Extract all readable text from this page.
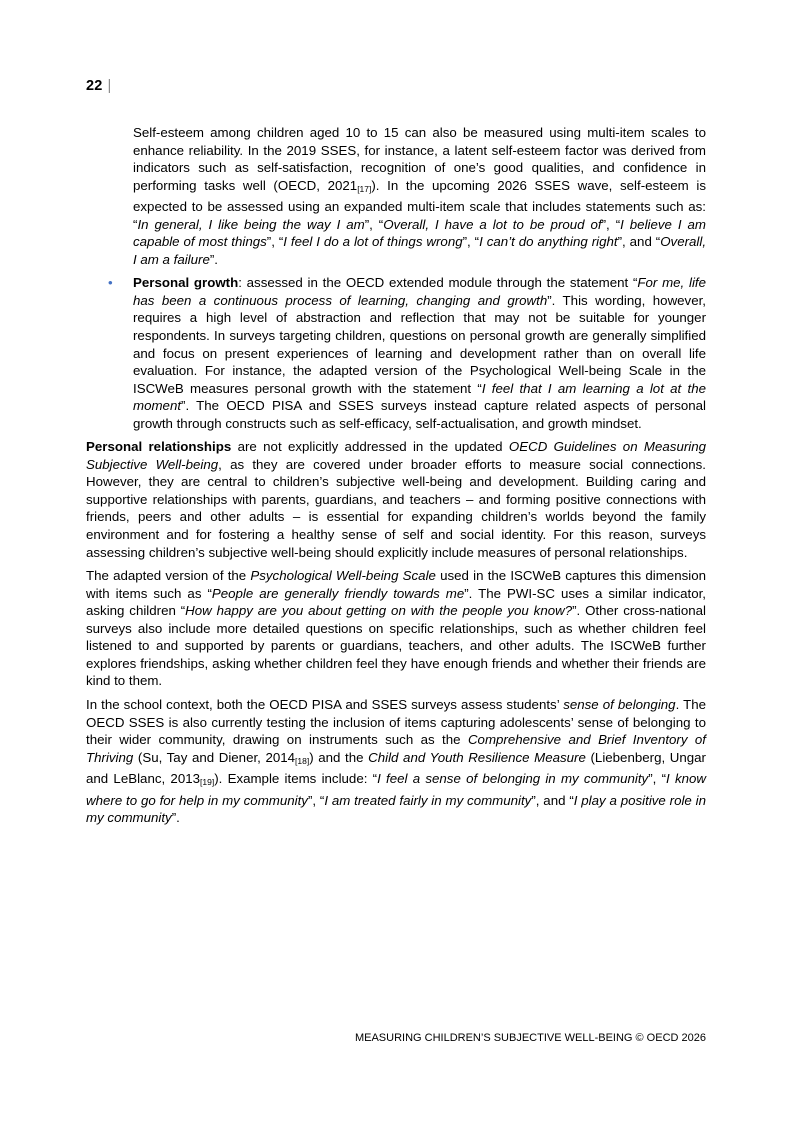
22 |

Self-esteem among children aged 10 to 15 can also be measured using multi-item scales to enhance reliability. In the 2019 SSES, for instance, a latent self-esteem factor was derived from indicators such as self-satisfaction, recognition of one’s good qualities, and confidence in performing tasks well (OECD, 2021[17]). In the upcoming 2026 SSES wave, self-esteem is expected to be assessed using an expanded multi-item scale that includes statements such as: “In general, I like being the way I am”, “Overall, I have a lot to be proud of”, “I believe I am capable of most things”, “I feel I do a lot of things wrong”, “I can’t do anything right”, and “Overall, I am a failure”.

• Personal growth: assessed in the OECD extended module through the statement “For me, life has been a continuous process of learning, changing and growth”. This wording, however, requires a high level of abstraction and reflection that may not be suitable for younger respondents. In surveys targeting children, questions on personal growth are generally simplified and focus on present experiences of learning and development rather than on overall life evaluation. For instance, the adapted version of the Psychological Well-being Scale in the ISCWeB measures personal growth with the statement “I feel that I am learning a lot at the moment”. The OECD PISA and SSES surveys instead capture related aspects of personal growth through constructs such as self-efficacy, self-actualisation, and growth mindset.

Personal relationships are not explicitly addressed in the updated OECD Guidelines on Measuring Subjective Well-being, as they are covered under broader efforts to measure social connections. However, they are central to children’s subjective well-being and development. Building caring and supportive relationships with parents, guardians, and teachers – and forming positive connections with friends, peers and other adults – is essential for expanding children’s worlds beyond the family environment and for fostering a healthy sense of self and social identity. For this reason, surveys assessing children’s subjective well-being should explicitly include measures of personal relationships.

The adapted version of the Psychological Well-being Scale used in the ISCWeB captures this dimension with items such as “People are generally friendly towards me”. The PWI-SC uses a similar indicator, asking children “How happy are you about getting on with the people you know?”. Other cross-national surveys also include more detailed questions on specific relationships, such as whether children feel listened to and supported by parents or guardians, teachers, and other adults. The ISCWeB further explores friendships, asking whether children feel they have enough friends and whether their friends are kind to them.

In the school context, both the OECD PISA and SSES surveys assess students’ sense of belonging. The OECD SSES is also currently testing the inclusion of items capturing adolescents’ sense of belonging to their wider community, drawing on instruments such as the Comprehensive and Brief Inventory of Thriving (Su, Tay and Diener, 2014[18]) and the Child and Youth Resilience Measure (Liebenberg, Ungar and LeBlanc, 2013[19]). Example items include: “I feel a sense of belonging in my community”, “I know where to go for help in my community”, “I am treated fairly in my community”, and “I play a positive role in my community”.

MEASURING CHILDREN’S SUBJECTIVE WELL-BEING © OECD 2026
